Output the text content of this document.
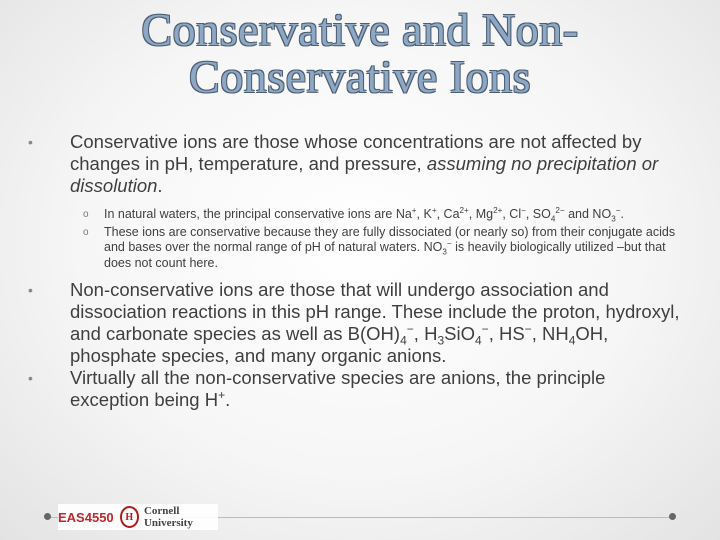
Conservative and Non-
Conservative Ions
• Conservative ions are those whose concentrations are not affected by changes in pH, temperature, and pressure, assuming no precipitation or dissolution.
o In natural waters, the principal conservative ions are Na+, K+, $Ca^{2+}$, $Mg^{2+}$, Cl−, $SO_4^{2-}$ and $NO_3^-$.
o These ions are conservative because they are fully dissociated (or nearly so) from their conjugate acids and bases over the normal range of pH of natural waters. $NO_3^-$ is heavily biologically utilized –but that does not count here.
• Non-conservative ions are those that will undergo association and dissociation reactions in this pH range. These include the proton, hydroxyl, and carbonate species as well as $B(OH)_4^-$, $H_3SiO_4^-$, HS−, $NH_4OH$, phosphate species, and many organic anions.
• Virtually all the non-conservative species are anions, the principle exception being H+.
EAS4550 H Cornell University
